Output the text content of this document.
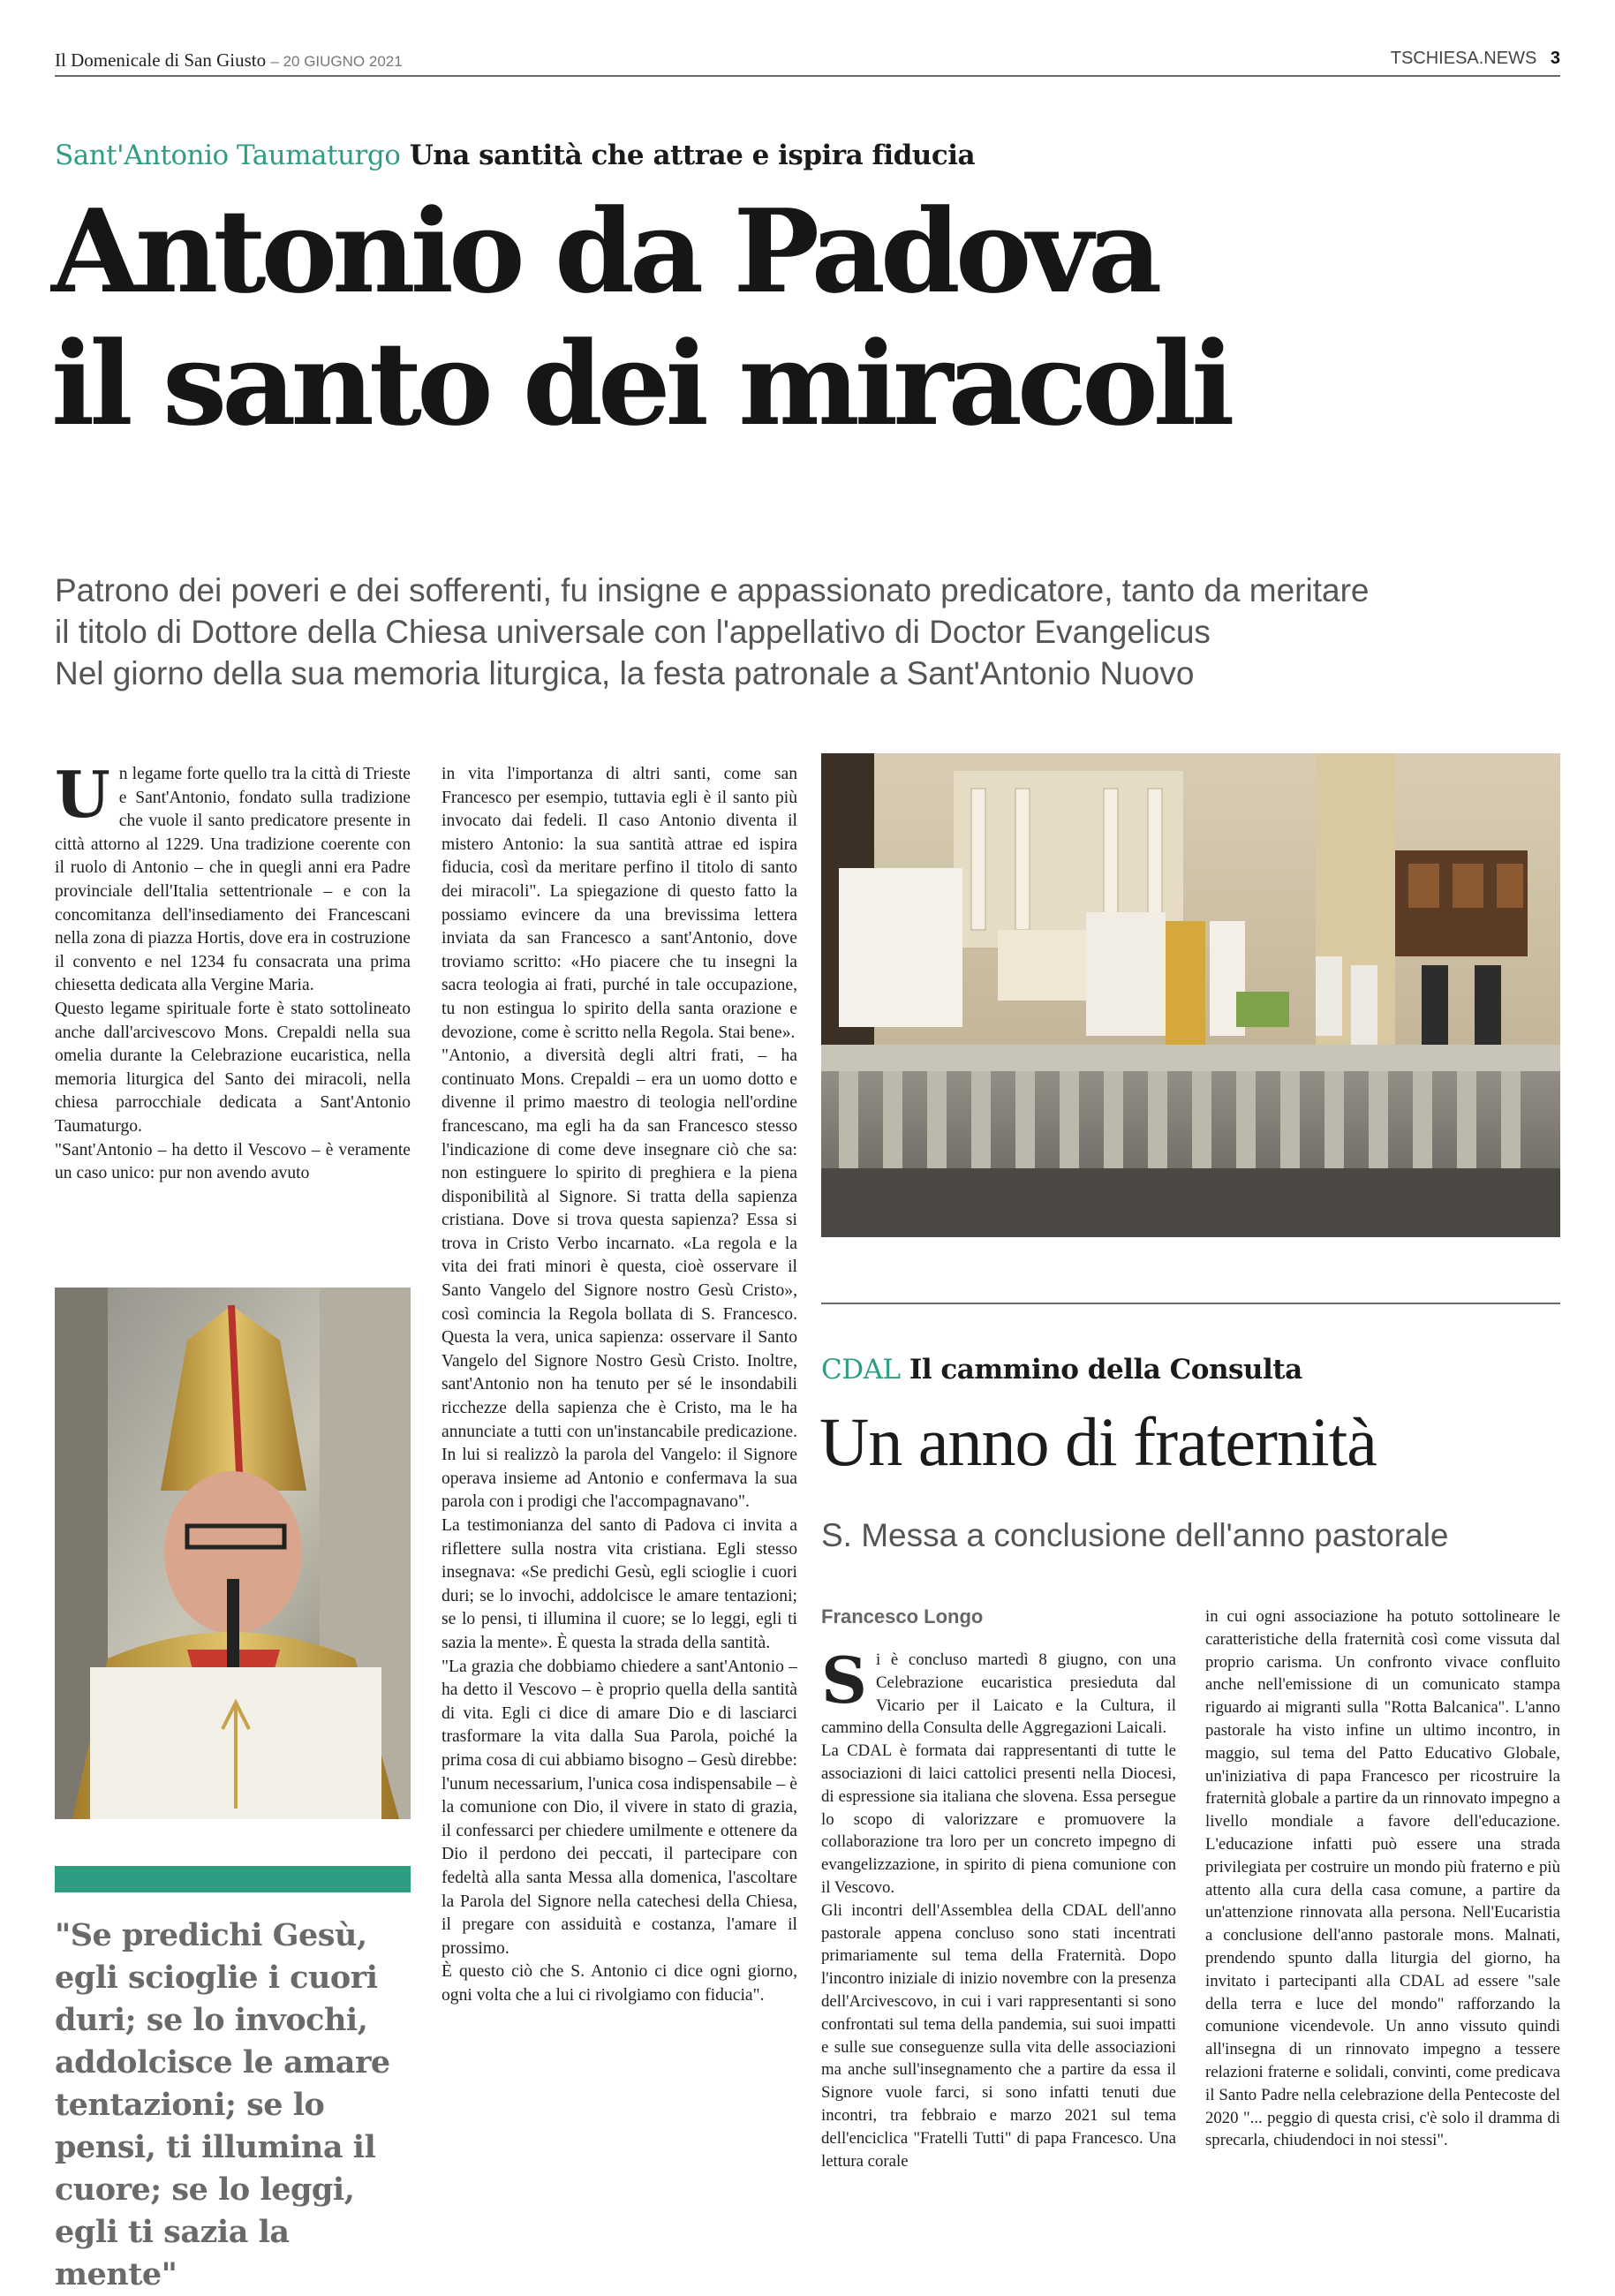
Il Domenicale di San Giusto – 20 GIUGNO 2021	TSCHIESA.NEWS 3
Sant'Antonio Taumaturgo Una santità che attrae e ispira fiducia
Antonio da Padova
il santo dei miracoli
Patrono dei poveri e dei sofferenti, fu insigne e appassionato predicatore, tanto da meritare
il titolo di Dottore della Chiesa universale con l'appellativo di Doctor Evangelicus
Nel giorno della sua memoria liturgica, la festa patronale a Sant'Antonio Nuovo
U n legame forte quello tra la città di Trieste e Sant'Antonio, fondato sulla tradizione che vuole il santo predicatore presente in città attorno al 1229. Una tradizione coerente con il ruolo di Antonio – che in quegli anni era Padre provinciale dell'Italia settentrionale – e con la concomitanza dell'insediamento dei Francescani nella zona di piazza Hortis, dove era in costruzione il convento e nel 1234 fu consacrata una prima chiesetta dedicata alla Vergine Maria.

Questo legame spirituale forte è stato sottolineato anche dall'arcivescovo Mons. Crepaldi nella sua omelia durante la Celebrazione eucaristica, nella memoria liturgica del Santo dei miracoli, nella chiesa parrocchiale dedicata a Sant'Antonio Taumaturgo.

"Sant'Antonio – ha detto il Vescovo – è veramente un caso unico: pur non avendo avuto

"Se predichi Gesù, egli scioglie i cuori duri; se lo invochi, addolcisce le amare tentazioni; se lo pensi, ti illumina il cuore; se lo leggi, egli ti sazia la mente"

in vita l'importanza di altri santi, come san Francesco per esempio, tuttavia egli è il santo più invocato dai fedeli. Il caso Antonio diventa il mistero Antonio: la sua santità attrae ed ispira fiducia, così da meritare perfino il titolo di santo dei miracoli". La spiegazione di questo fatto la possiamo evincere da una brevissima lettera inviata da san Francesco a sant'Antonio, dove troviamo scritto: «Ho piacere che tu insegni la sacra teologia ai frati, purché in tale occupazione, tu non estingua lo spirito della santa orazione e devozione, come è scritto nella Regola. Stai bene».

"Antonio, a diversità degli altri frati, – ha continuato Mons. Crepaldi – era un uomo dotto e divenne il primo maestro di teologia nell'ordine francescano, ma egli ha da san Francesco stesso l'indicazione di come deve insegnare ciò che sa: non estinguere lo spirito di preghiera e la piena disponibilità al Signore. Si tratta della sapienza cristiana. Dove si trova questa sapienza? Essa si trova in Cristo Verbo incarnato. «La regola e la vita dei frati minori è questa, cioè osservare il Santo Vangelo del Signore nostro Gesù Cristo», così comincia la Regola bollata di S. Francesco. Questa la vera, unica sapienza: osservare il Santo Vangelo del Signore Nostro Gesù Cristo. Inoltre, sant'Antonio non ha tenuto per sé le insondabili ricchezze della sapienza che è Cristo, ma le ha annunciate a tutti con un'instancabile predicazione. In lui si realizzò la parola del Vangelo: il Signore operava insieme ad Antonio e confermava la sua parola con i prodigi che l'accompagnavano".

La testimonianza del santo di Padova ci invita a riflettere sulla nostra vita cristiana. Egli stesso insegnava: «Se predichi Gesù, egli scioglie i cuori duri; se lo invochi, addolcisce le amare tentazioni; se lo pensi, ti illumina il cuore; se lo leggi, egli ti sazia la mente». È questa la strada della santità.

"La grazia che dobbiamo chiedere a sant'Antonio – ha detto il Vescovo – è proprio quella della santità di vita. Egli ci dice di amare Dio e di lasciarci trasformare la vita dalla Sua Parola, poiché la prima cosa di cui abbiamo bisogno – Gesù direbbe: l'unum necessarium, l'unica cosa indispensabile – è la comunione con Dio, il vivere in stato di grazia, il confessarci per chiedere umilmente e ottenere da Dio il perdono dei peccati, il partecipare con fedeltà alla santa Messa alla domenica, l'ascoltare la Parola del Signore nella catechesi della Chiesa, il pregare con assiduità e costanza, l'amare il prossimo.

È questo ciò che S. Antonio ci dice ogni giorno, ogni volta che a lui ci rivolgiamo con fiducia".

CDAL Il cammino della Consulta
Un anno di fraternità
S. Messa a conclusione dell'anno pastorale
Francesco Longo
S i è concluso martedì 8 giugno, con una Celebrazione eucaristica presieduta dal Vicario per il Laicato e la Cultura, il cammino della Consulta delle Aggregazioni Laicali.

La CDAL è formata dai rappresentanti di tutte le associazioni di laici cattolici presenti nella Diocesi, di espressione sia italiana che slovena. Essa persegue lo scopo di valorizzare e promuovere la collaborazione tra loro per un concreto impegno di evangelizzazione, in spirito di piena comunione con il Vescovo.

Gli incontri dell'Assemblea della CDAL dell'anno pastorale appena concluso sono stati incentrati primariamente sul tema della Fraternità. Dopo l'incontro iniziale di inizio novembre con la presenza dell'Arcivescovo, in cui i vari rappresentanti si sono confrontati sul tema della pandemia, sui suoi impatti e sulle sue conseguenze sulla vita delle associazioni ma anche sull'insegnamento che a partire da essa il Signore vuole farci, si sono infatti tenuti due incontri, tra febbraio e marzo 2021 sul tema dell'enciclica "Fratelli Tutti" di papa Francesco. Una lettura corale

in cui ogni associazione ha potuto sottolineare le caratteristiche della fraternità così come vissuta dal proprio carisma. Un confronto vivace confluito anche nell'emissione di un comunicato stampa riguardo ai migranti sulla "Rotta Balcanica". L'anno pastorale ha visto infine un ultimo incontro, in maggio, sul tema del Patto Educativo Globale, un'iniziativa di papa Francesco per ricostruire la fraternità globale a partire da un rinnovato impegno a livello mondiale a favore dell'educazione. L'educazione infatti può essere una strada privilegiata per costruire un mondo più fraterno e più attento alla cura della casa comune, a partire da un'attenzione rinnovata alla persona. Nell'Eucaristia a conclusione dell'anno pastorale mons. Malnati, prendendo spunto dalla liturgia del giorno, ha invitato i partecipanti alla CDAL ad essere "sale della terra e luce del mondo" rafforzando la comunione vicendevole. Un anno vissuto quindi all'insegna di un rinnovato impegno a tessere relazioni fraterne e solidali, convinti, come predicava il Santo Padre nella celebrazione della Pentecoste del 2020 "... peggio di questa crisi, c'è solo il dramma di sprecarla, chiudendoci in noi stessi".
